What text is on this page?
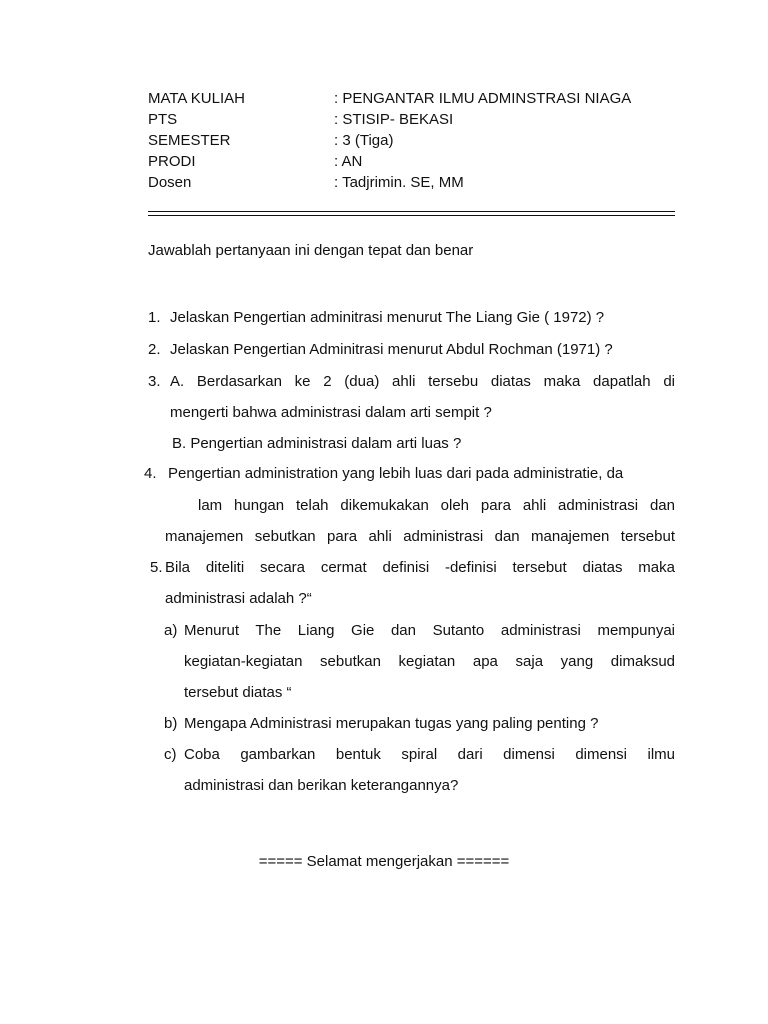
MATA KULIAH	: PENGANTAR ILMU ADMINSTRASI NIAGA
PTS	: STISIP- BEKASI
SEMESTER	: 3 (Tiga)
PRODI	: AN
Dosen	: Tadjrimin. SE, MM
Jawablah pertanyaan ini dengan tepat dan benar
1. Jelaskan Pengertian adminitrasi menurut The Liang Gie ( 1972) ?
2. Jelaskan Pengertian Adminitrasi menurut Abdul Rochman (1971) ?
3. A. Berdasarkan ke 2 (dua) ahli tersebu diatas maka dapatlah di
mengerti bahwa administrasi dalam arti sempit ?
B. Pengertian administrasi dalam arti luas ?
4. Pengertian administration yang lebih luas dari pada administratie, da
lam hungan telah dikemukakan oleh para ahli administrasi dan
manajemen sebutkan para ahli administrasi dan manajemen tersebut
5. Bila diteliti secara cermat definisi -definisi tersebut diatas maka
administrasi adalah ?“
a) Menurut The Liang Gie dan Sutanto administrasi mempunyai
kegiatan-kegiatan sebutkan kegiatan apa saja yang dimaksud
tersebut diatas “
b) Mengapa Administrasi merupakan tugas yang paling penting ?
c) Coba gambarkan bentuk spiral dari dimensi dimensi ilmu
administrasi dan berikan keterangannya?
===== Selamat mengerjakan ======
